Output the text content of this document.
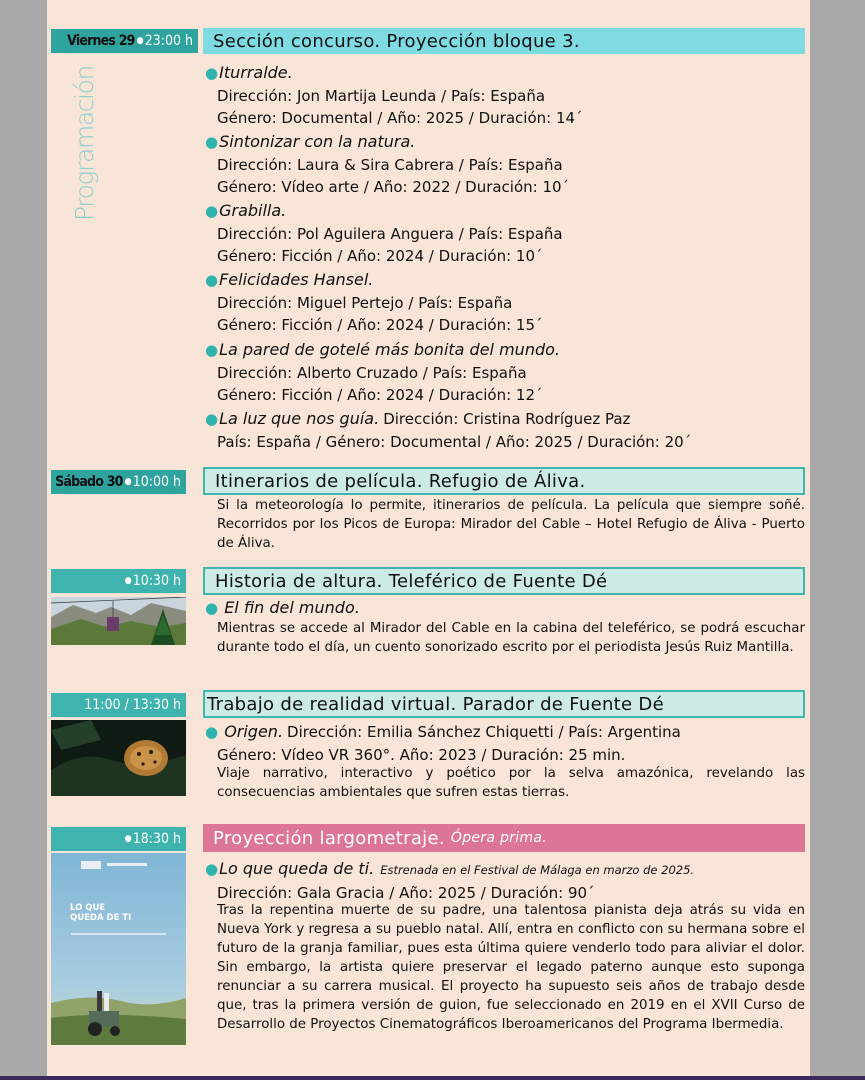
Programación
Viernes 29 ● 23:00 h	Sección concurso. Proyección bloque 3.
●Iturralde.
Dirección: Jon Martija Leunda / País: España
Género: Documental / Año: 2025 / Duración: 14´
●Sintonizar con la natura.
Dirección: Laura & Sira Cabrera / País: España
Género: Vídeo arte / Año: 2022 / Duración: 10´
●Grabilla.
Dirección: Pol Aguilera Anguera / País: España
Género: Ficción / Año: 2024 / Duración: 10´
●Felicidades Hansel.
Dirección: Miguel Pertejo / País: España
Género: Ficción / Año: 2024 / Duración: 15´
●La pared de gotelé más bonita del mundo.
Dirección: Alberto Cruzado / País: España
Género: Ficción / Año: 2024 / Duración: 12´
●La luz que nos guía. Dirección: Cristina Rodríguez Paz
País: España / Género: Documental / Año: 2025 / Duración: 20´
Sábado 30 ● 10:00 h	Itinerarios de película. Refugio de Áliva.
Si la meteorología lo permite, itinerarios de película. La película que siempre soñé. Recorridos por los Picos de Europa: Mirador del Cable – Hotel Refugio de Áliva - Puerto de Áliva.
● 10:30 h	Historia de altura. Teleférico de Fuente Dé
● El fin del mundo.
Mientras se accede al Mirador del Cable en la cabina del teleférico, se podrá escuchar durante todo el día, un cuento sonorizado escrito por el periodista Jesús Ruiz Mantilla.
11:00 / 13:30 h Trabajo de realidad virtual. Parador de Fuente Dé
● Origen. Dirección: Emilia Sánchez Chiquetti / País: Argentina
Género: Vídeo VR 360°. Año: 2023 / Duración: 25 min.
Viaje narrativo, interactivo y poético por la selva amazónica, revelando las consecuencias ambientales que sufren estas tierras.
● 18:30 h Proyección largometraje. Ópera prima.
LO QUE
QUEDA DE TI
●Lo que queda de ti. Estrenada en el Festival de Málaga en marzo de 2025.
Dirección: Gala Gracia / Año: 2025 / Duración: 90´
Tras la repentina muerte de su padre, una talentosa pianista deja atrás su vida en Nueva York y regresa a su pueblo natal. Allí, entra en conflicto con su hermana sobre el futuro de la granja familiar, pues esta última quiere venderlo todo para aliviar el dolor. Sin embargo, la artista quiere preservar el legado paterno aunque esto suponga renunciar a su carrera musical. El proyecto ha supuesto seis años de trabajo desde que, tras la primera versión de guion, fue seleccionado en 2019 en el XVII Curso de Desarrollo de Proyectos Cinematográficos Iberoamericanos del Programa Ibermedia.
